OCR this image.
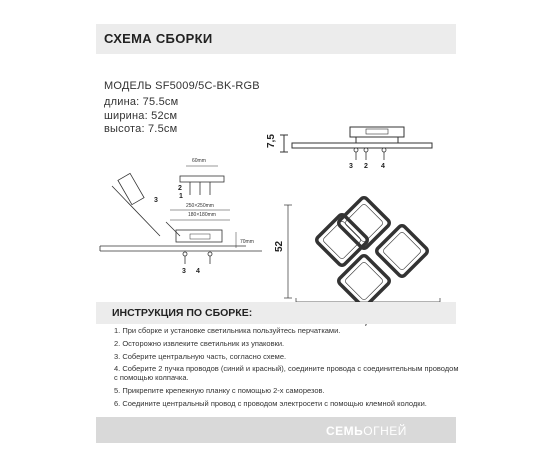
СХЕМА СБОРКИ
МОДЕЛЬ SF5009/5C-BK-RGB
длина: 75.5см
ширина: 52см
высота: 7.5см
7,5
3 2 4
60mm
250×250mm
180×180mm
70mm
2
1
3
3 4
52
ИНСТРУКЦИЯ ПО СБОРКЕ:
1. При сборке и установке светильника пользуйтесь перчатками.
2. Осторожно извлеките светильник из упаковки.
3. Соберите центральную часть, согласно схеме.
4. Соберите 2 пучка проводов (синий и красный), соедините провода с соединительным проводом с помощью колпачка.
5. Прикрепите крепежную планку с помощью 2-х саморезов.
6. Соедините центральный провод с проводом электросети с помощью клемной колодки.
СЕМЬОГНЕЙ
